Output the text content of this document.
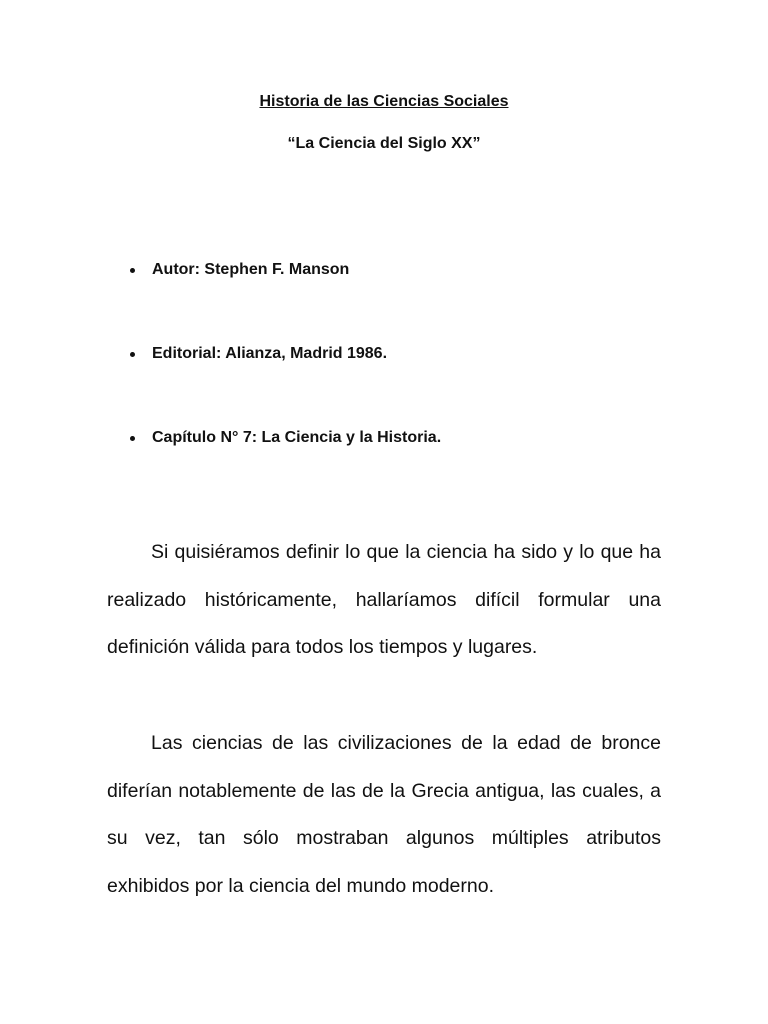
Historia de las Ciencias Sociales
“La Ciencia del Siglo XX”
Autor: Stephen F. Manson
Editorial: Alianza, Madrid 1986.
Capítulo N° 7: La Ciencia y la Historia.

Si quisiéramos definir lo que la ciencia ha sido y lo que ha realizado históricamente, hallaríamos difícil formular una definición válida para todos los tiempos y lugares.

Las ciencias de las civilizaciones de la edad de bronce diferían notablemente de las de la Grecia antigua, las cuales, a su vez, tan sólo mostraban algunos múltiples atributos exhibidos por la ciencia del mundo moderno.
